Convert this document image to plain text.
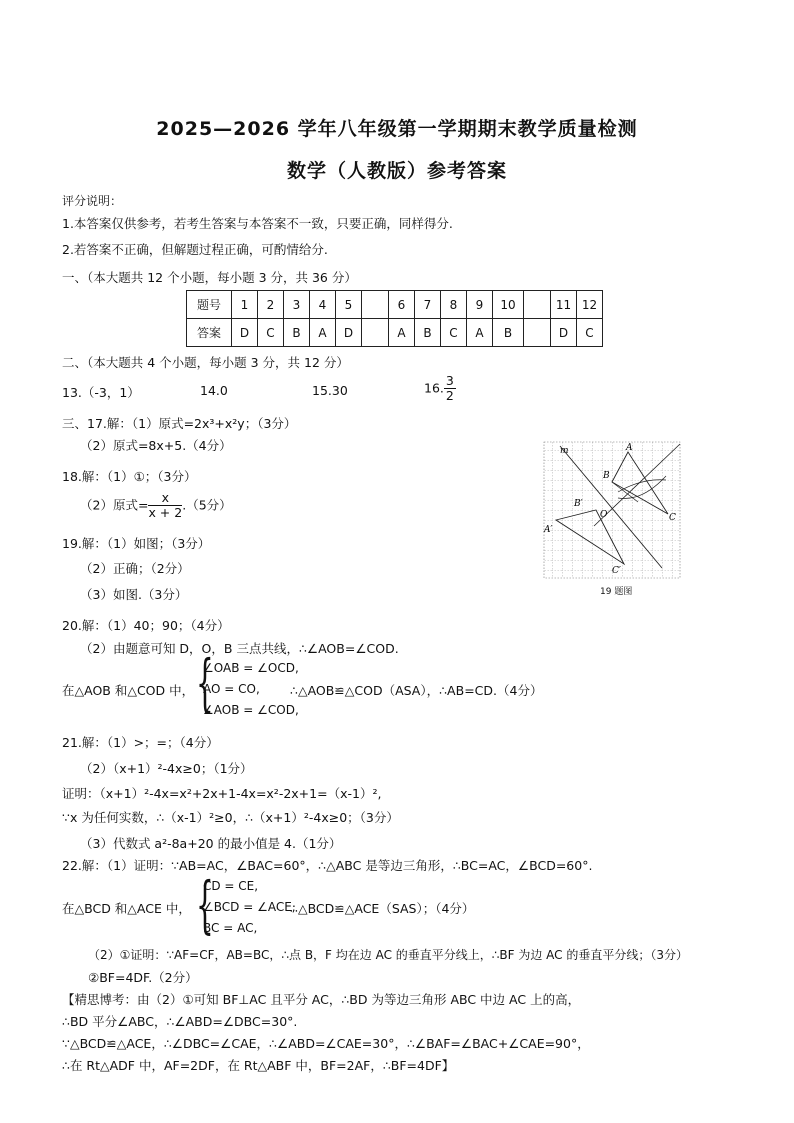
2025—2026 学年八年级第一学期期末教学质量检测
数学（人教版）参考答案
评分说明：
1.本答案仅供参考，若考生答案与本答案不一致，只要正确，同样得分.
2.若答案不正确，但解题过程正确，可酌情给分.
一、（本大题共 12 个小题，每小题 3 分，共 36 分）
题号	1	2	3	4	5		6	7	8	9	10		11	12
答案	D	C	B	A	D		A	B	C	A	B		D	C
二、（本大题共 4 个小题，每小题 3 分，共 12 分）
13.（-3，1）	14.0	15.30	16. $\frac{3}{2}$
三、17.解：（1）原式=2x³+x²y；（3分）
（2）原式=8x+5.（4分）
18.解：（1）①；（3分）
（2）原式= $\frac{x}{x + 2} .(5$分）
19.解：（1）如图；（3分）
（2）正确；（2分）
（3）如图.（3分）
m	A
B
C
O
A′
B′
C′
19 题图
20.解：（1）40；90；（4分）
（2）由题意可知 D，O，B 三点共线，∴∠AOB=∠COD.
{
在△AOB 和△COD 中，
∠OAB = ∠OCD,
AO = CO,
∠AOB = ∠COD,
∴△AOB≌△COD（ASA），∴AB=CD.（4分）
21.解：（1）>；=；（4分）
（2）（x+1）²-4x≥0；（1分）
证明：（x+1）²-4x=x²+2x+1-4x=x²-2x+1=（x-1）²,
∵x 为任何实数，∴（x-1）²≥0，∴（x+1）²-4x≥0；（3分）
（3）代数式 a²-8a+20 的最小值是 4.（1分）
22.解：（1）证明：∵AB=AC，∠BAC=60°，∴△ABC 是等边三角形，∴BC=AC，∠BCD=60°.
{
在△BCD 和△ACE 中，
CD = CE,
∠BCD = ∠ACE,
BC = AC,
∴△BCD≌△ACE（SAS）；（4分）
（2）①证明：∵AF=CF，AB=BC，∴点 B，F 均在边 AC 的垂直平分线上，∴BF 为边 AC 的垂直平分线；（3分）
②BF=4DF.（2分）
【精思博考：由（2）①可知 BF⊥AC 且平分 AC，∴BD 为等边三角形 ABC 中边 AC 上的高，
∴BD 平分∠ABC，∴∠ABD=∠DBC=30°.
∵△BCD≌△ACE，∴∠DBC=∠CAE，∴∠ABD=∠CAE=30°，∴∠BAF=∠BAC+∠CAE=90°，
∴在 Rt△ADF 中，AF=2DF，在 Rt△ABF 中，BF=2AF，∴BF=4DF】
